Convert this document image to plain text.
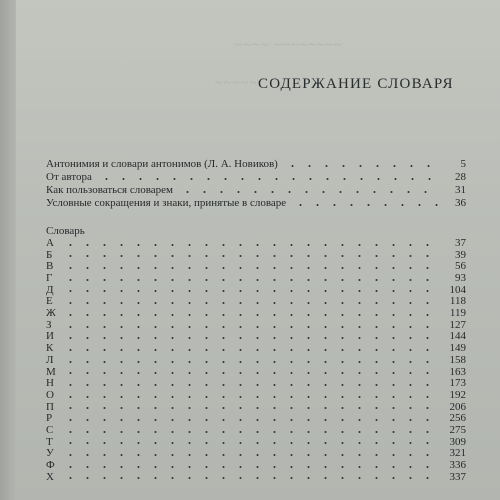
~~~~ ~~~~~~~~
~~~~~ СОДЕРЖАНИЕ СЛОВАРЯ
Антонимия и словари антонимов (Л. А. Новиков)	5
От автора	28
Как пользоваться словарем	31
Условные сокращения и знаки, принятые в словаре	36
Словарь
А	37
Б	39
В	56
Г	93
Д	104
Е	118
Ж	119
З	127
И	144
К	149
Л	158
М	163
Н	173
О	192
П	206
Р	256
С	275
Т	309
У	321
Ф	336
Х	337
